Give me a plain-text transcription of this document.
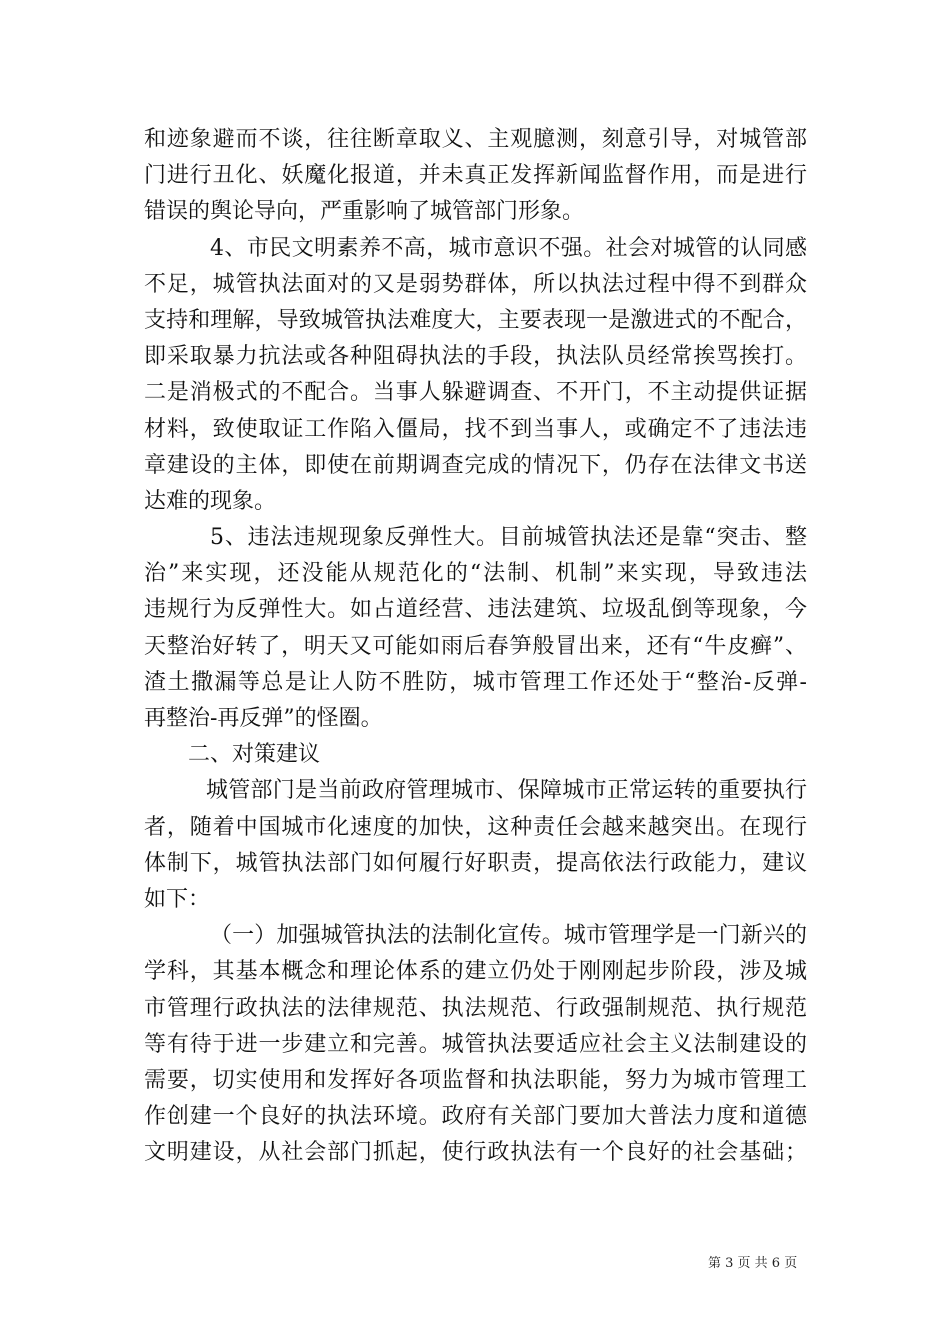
和迹象避而不谈，往往断章取义、主观臆测，刻意引导，对城管部
门进行丑化、妖魔化报道，并未真正发挥新闻监督作用，而是进行
错误的舆论导向，严重影响了城管部门形象。
4、市民文明素养不高，城市意识不强。社会对城管的认同感
不足，城管执法面对的又是弱势群体，所以执法过程中得不到群众
支持和理解，导致城管执法难度大，主要表现一是激进式的不配合，
即采取暴力抗法或各种阻碍执法的手段，执法队员经常挨骂挨打。
二是消极式的不配合。当事人躲避调查、不开门，不主动提供证据
材料，致使取证工作陷入僵局，找不到当事人，或确定不了违法违
章建设的主体，即使在前期调查完成的情况下，仍存在法律文书送
达难的现象。
5、违法违规现象反弹性大。目前城管执法还是靠“突击、整
治”来实现，还没能从规范化的“法制、机制”来实现，导致违法
违规行为反弹性大。如占道经营、违法建筑、垃圾乱倒等现象，今
天整治好转了，明天又可能如雨后春笋般冒出来，还有“牛皮癣”、
渣土撒漏等总是让人防不胜防，城市管理工作还处于“整治-反弹-
再整治-再反弹”的怪圈。
二、对策建议
城管部门是当前政府管理城市、保障城市正常运转的重要执行
者，随着中国城市化速度的加快，这种责任会越来越突出。在现行
体制下，城管执法部门如何履行好职责，提高依法行政能力，建议
如下：
（一）加强城管执法的法制化宣传。城市管理学是一门新兴的
学科，其基本概念和理论体系的建立仍处于刚刚起步阶段，涉及城
市管理行政执法的法律规范、执法规范、行政强制规范、执行规范
等有待于进一步建立和完善。城管执法要适应社会主义法制建设的
需要，切实使用和发挥好各项监督和执法职能，努力为城市管理工
作创建一个良好的执法环境。政府有关部门要加大普法力度和道德
文明建设，从社会部门抓起，使行政执法有一个良好的社会基础；
第 3 页 共 6 页
